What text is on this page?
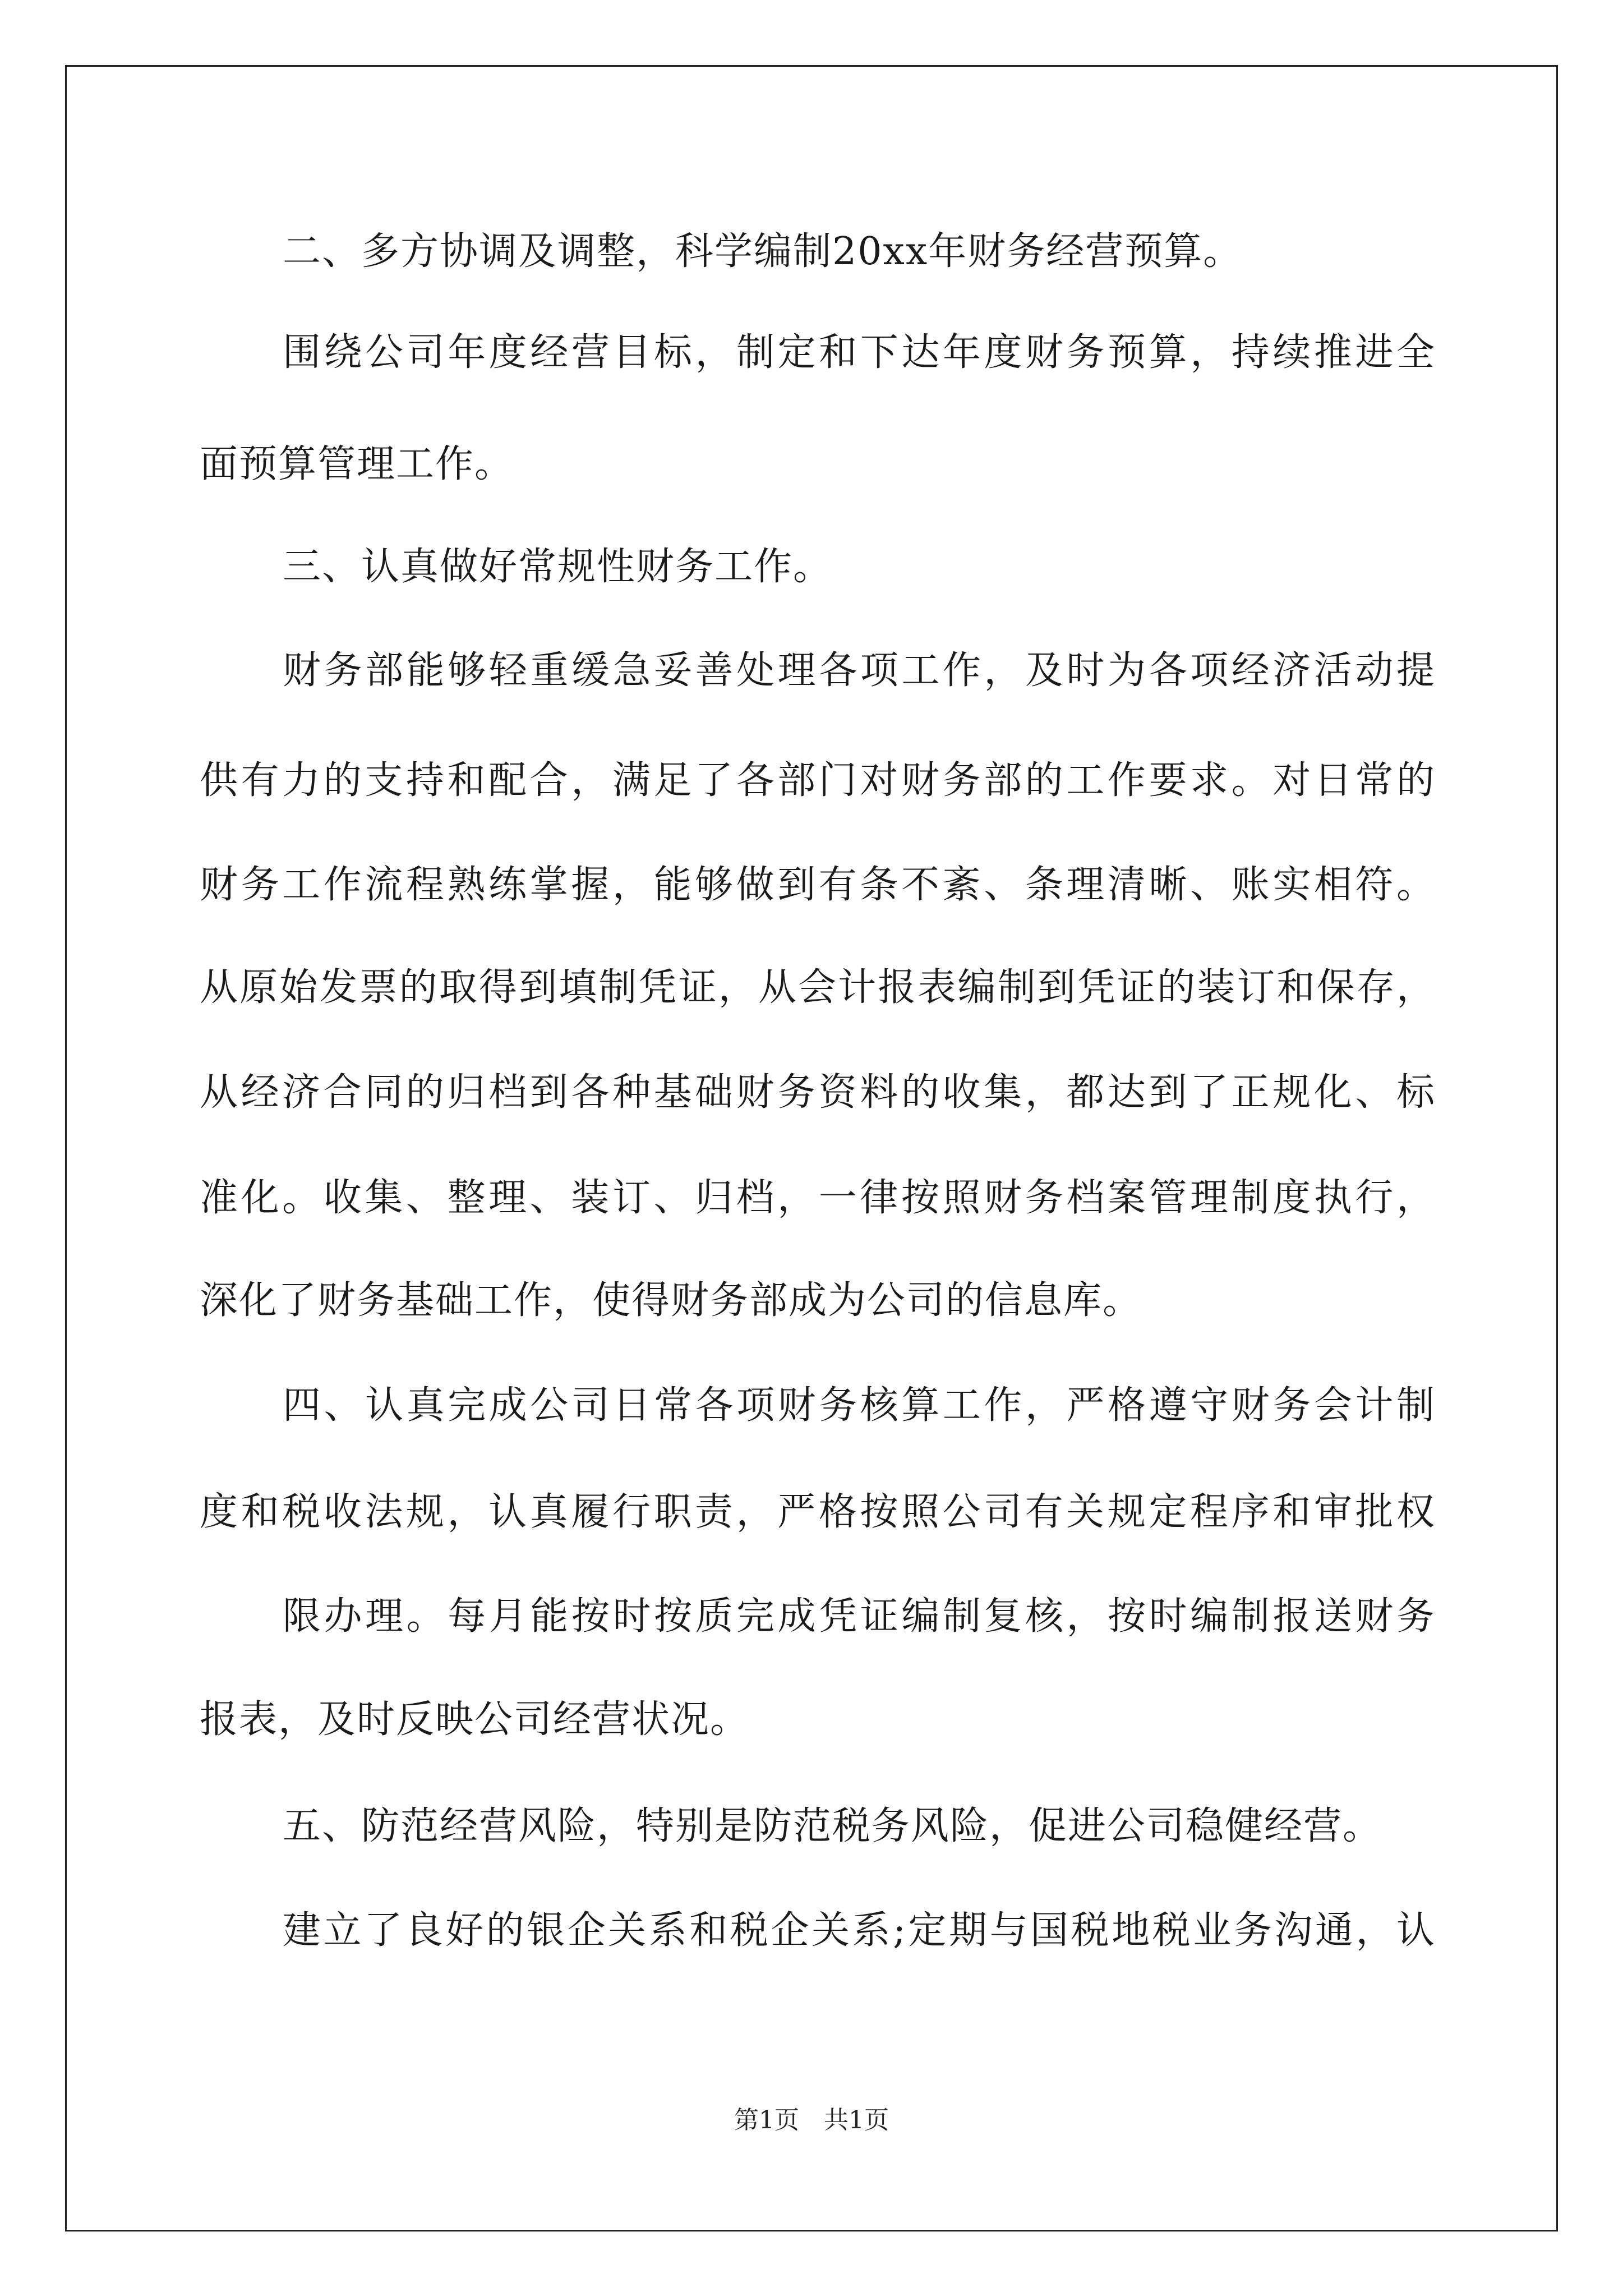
二、多方协调及调整，科学编制20xx年财务经营预算。
围绕公司年度经营目标，制定和下达年度财务预算，持续推进全
面预算管理工作。
三、认真做好常规性财务工作。
财务部能够轻重缓急妥善处理各项工作，及时为各项经济活动提
供有力的支持和配合，满足了各部门对财务部的工作要求。对日常的
财务工作流程熟练掌握，能够做到有条不紊、条理清晰、账实相符。
从原始发票的取得到填制凭证，从会计报表编制到凭证的装订和保存，
从经济合同的归档到各种基础财务资料的收集，都达到了正规化、标
准化。收集、整理、装订、归档，一律按照财务档案管理制度执行，
深化了财务基础工作，使得财务部成为公司的信息库。
四、认真完成公司日常各项财务核算工作，严格遵守财务会计制
度和税收法规，认真履行职责，严格按照公司有关规定程序和审批权
限办理。每月能按时按质完成凭证编制复核，按时编制报送财务
报表，及时反映公司经营状况。
五、防范经营风险，特别是防范税务风险，促进公司稳健经营。
建立了良好的银企关系和税企关系;定期与国税地税业务沟通，认
第1页　共1页
